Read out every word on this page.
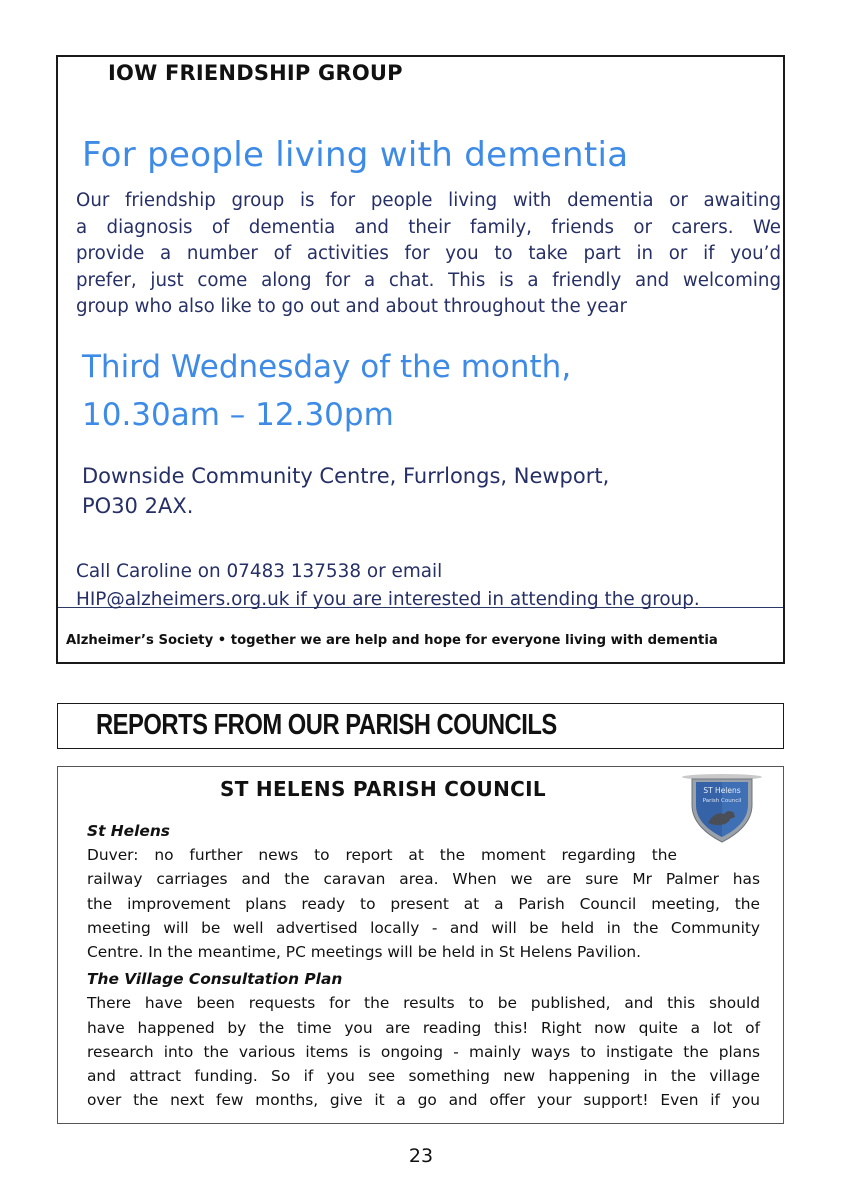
IOW FRIENDSHIP GROUP
For people living with dementia
Our friendship group is for people living with dementia or awaiting
a diagnosis of dementia and their family, friends or carers. We
provide a number of activities for you to take part in or if you’d
prefer, just come along for a chat. This is a friendly and welcoming
group who also like to go out and about throughout the year
Third Wednesday of the month,
10.30am – 12.30pm
Downside Community Centre, Furrlongs, Newport,
PO30 2AX.
Call Caroline on 07483 137538 or email
HIP@alzheimers.org.uk if you are interested in attending the group.
Alzheimer’s Society • together we are help and hope for everyone living with dementia
REPORTS FROM OUR PARISH COUNCILS
ST HELENS PARISH COUNCIL	ST Helens
Parish Council
St Helens
Duver: no further news to report at the moment regarding the
railway carriages and the caravan area. When we are sure Mr Palmer has
the improvement plans ready to present at a Parish Council meeting, the
meeting will be well advertised locally - and will be held in the Community
Centre. In the meantime, PC meetings will be held in St Helens Pavilion.
The Village Consultation Plan
There have been requests for the results to be published, and this should
have happened by the time you are reading this! Right now quite a lot of
research into the various items is ongoing - mainly ways to instigate the plans
and attract funding. So if you see something new happening in the village
over the next few months, give it a go and offer your support! Even if you
23
